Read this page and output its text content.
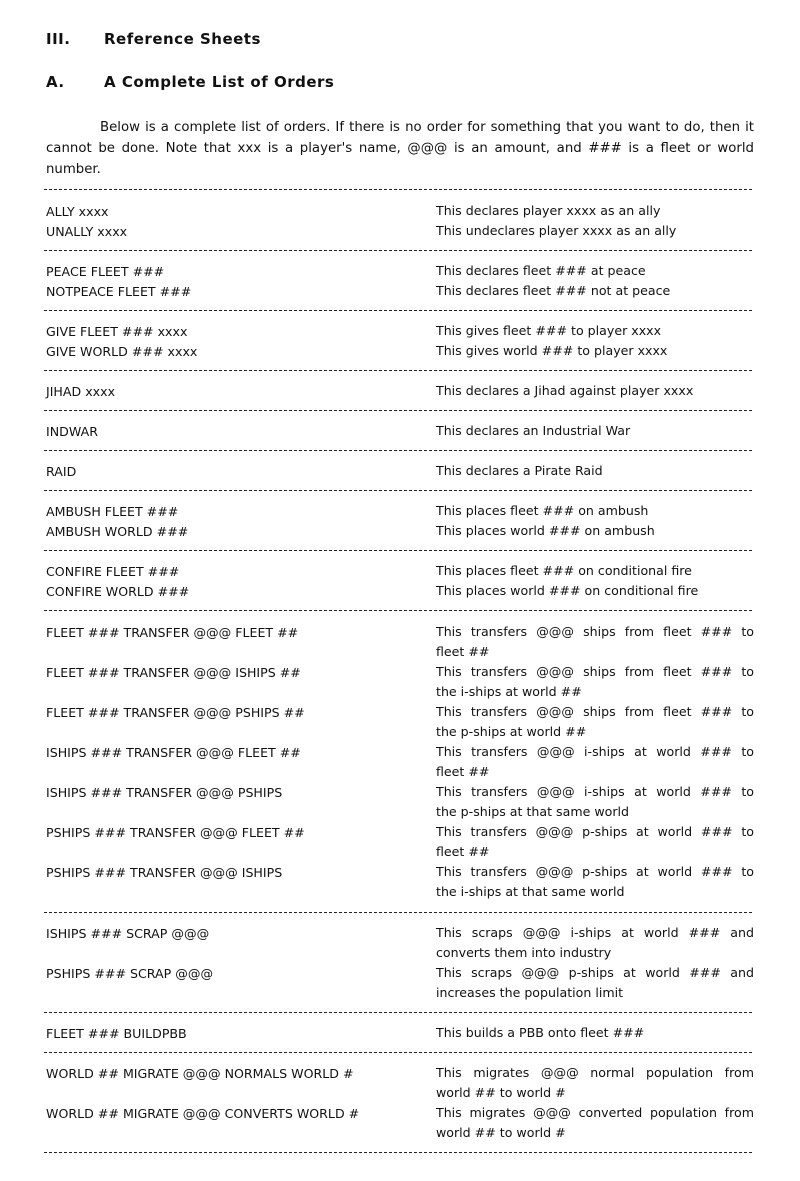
III. Reference Sheets
A.	A Complete List of Orders

Below is a complete list of orders. If there is no order for something that you want to do, then it cannot be done. Note that xxx is a player's name, @@@ is an amount, and ### is a fleet or world number.

ALLY xxxx	This declares player xxxx as an ally
UNALLY xxxx	This undeclares player xxxx as an ally
PEACE FLEET ###	This declares fleet ### at peace
NOTPEACE FLEET ###	This declares fleet ### not at peace
GIVE FLEET ### xxxx	This gives fleet ### to player xxxx
GIVE WORLD ### xxxx	This gives world ### to player xxxx
JIHAD xxxx	This declares a Jihad against player xxxx
INDWAR	This declares an Industrial War
RAID	This declares a Pirate Raid
AMBUSH FLEET ###	This places fleet ### on ambush
AMBUSH WORLD ###	This places world ### on ambush
CONFIRE FLEET ###	This places fleet ### on conditional fire
CONFIRE WORLD ###	This places world ### on conditional fire
FLEET ### TRANSFER @@@ FLEET ##	This transfers @@@ ships from fleet ### to
fleet ##
FLEET ### TRANSFER @@@ ISHIPS ##	This transfers @@@ ships from fleet ### to
the i-ships at world ##
FLEET ### TRANSFER @@@ PSHIPS ##	This transfers @@@ ships from fleet ### to
the p-ships at world ##
ISHIPS ### TRANSFER @@@ FLEET ##	This transfers @@@ i-ships at world ### to
fleet ##
ISHIPS ### TRANSFER @@@ PSHIPS	This transfers @@@ i-ships at world ### to
the p-ships at that same world
PSHIPS ### TRANSFER @@@ FLEET ##	This transfers @@@ p-ships at world ### to
fleet ##
PSHIPS ### TRANSFER @@@ ISHIPS	This transfers @@@ p-ships at world ### to
the i-ships at that same world
ISHIPS ### SCRAP @@@	This scraps @@@ i-ships at world ### and
converts them into industry
PSHIPS ### SCRAP @@@	This scraps @@@ p-ships at world ### and
increases the population limit
FLEET ### BUILDPBB	This builds a PBB onto fleet ###
WORLD ## MIGRATE @@@ NORMALS WORLD #	This migrates @@@ normal population from
world ## to world #
WORLD ## MIGRATE @@@ CONVERTS WORLD #	This migrates @@@ converted population from
world ## to world #
